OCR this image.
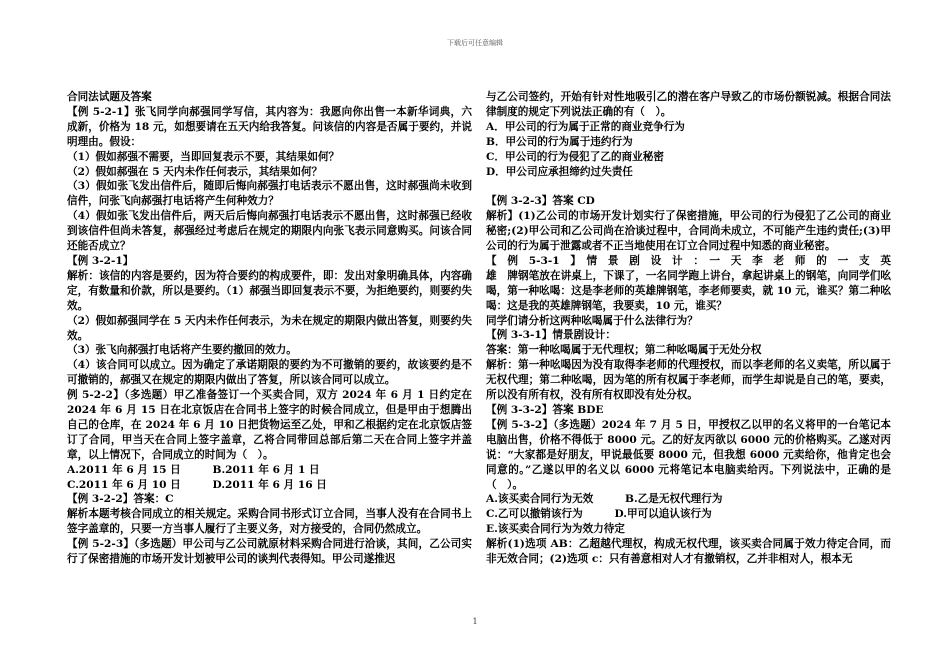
下载后可任意编辑

合同法试题及答案

【例 5-2-1】张飞同学向郝强同学写信，其内容为：我愿向你出售一本新华词典，六成新，价格为 18 元，如想要请在五天内给我答复。问该信的内容是否属于要约，并说明理由。假设：

（1）假如郝强不需要，当即回复表示不要，其结果如何？

（2）假如郝强在 5 天内未作任何表示，其结果如何？

（3）假如张飞发出信件后，随即后悔向郝强打电话表示不愿出售，这时郝强尚未收到信件，问张飞向郝强打电话将产生何种效力？

（4）假如张飞发出信件后，两天后后悔向郝强打电话表示不愿出售，这时郝强已经收到该信件但尚未答复，郝强经过考虑后在规定的期限内向张飞表示同意购买。问该合同还能否成立？

【例 3-2-1】

解析：该信的内容是要约，因为符合要约的构成要件，即：发出对象明确具体，内容确定，有数量和价款，所以是要约。（1）郝强当即回复表示不要，为拒绝要约，则要约失效。

（2）假如郝强同学在 5 天内未作任何表示，为未在规定的期限内做出答复，则要约失效。

（3）张飞向郝强打电话将产生要约撤回的效力。

（4）该合同可以成立。因为确定了承诺期限的要约为不可撤销的要约，故该要约是不可撤销的，郝强又在规定的期限内做出了答复，所以该合同可以成立。

例 5-2-2】（多选题）甲乙准备签订一个买卖合同，双方 2024 年 6 月 1 日约定在 2024 年 6 月 15 日在北京饭店在合同书上签字的时候合同成立，但是甲由于想腾出自己的仓库，在 2024 年 6 月 10 日把货物运至乙处，甲和乙根据约定在北京饭店签订了合同，甲当天在合同上签字盖章，乙将合同带回总部后第二天在合同上签字并盖章，以上情况下，合同成立的时间为（　）。

A.2011 年 6 月 15 日　　　B.2011 年 6 月 1 日

C.2011 年 6 月 10 日　　　D.2011 年 6 月 16 日

【例 3-2-2】答案：C

解析本题考核合同成立的相关规定。采购合同书形式订立合同，当事人没有在合同书上签字盖章的，只要一方当事人履行了主要义务，对方接受的，合同仍然成立。

【例 5-2-3】（多选题）甲公司与乙公司就原材料采购合同进行洽谈，其间，乙公司实行了保密措施的市场开发计划被甲公司的谈判代表得知。甲公司遂推迟

与乙公司签约，开始有针对性地吸引乙的潜在客户导致乙的市场份额锐减。根据合同法律制度的规定下列说法正确的有（　）。

A．甲公司的行为属于正常的商业竞争行为

B．甲公司的行为属于违约行为

C．甲公司的行为侵犯了乙的商业秘密

D．甲公司应承担缔约过失责任

【例 3-2-3】答案 CD

解析】(1)乙公司的市场开发计划实行了保密措施，甲公司的行为侵犯了乙公司的商业秘密;(2)甲公司和乙公司尚在洽谈过程中，合同尚未成立，不可能产生违约责任;(3)甲公司的行为属于泄露或者不正当地使用在订立合同过程中知悉的商业秘密。

【　例　5-3-1　】　情　景　剧　设　计　：　一　天　李　老　师　的　一　支　英　雄　牌钢笔放在讲桌上，下课了，一名同学跑上讲台，拿起讲桌上的钢笔，向同学们吆喝，第一种吆喝：这是李老师的英雄牌钢笔，李老师要卖，就 10 元，谁买？第二种吆喝：这是我的英雄牌钢笔，我要卖，10 元，谁买？

同学们请分析这两种吆喝属于什么法律行为？

【例 3-3-1】情景剧设计：

答案：第一种吆喝属于无代理权；第二种吆喝属于无处分权

解析：第一种吆喝因为没有取得李老师的代理授权，而以李老师的名义卖笔，所以属于无权代理；第二种吆喝，因为笔的所有权属于李老师，而学生却说是自己的笔，要卖，所以没有所有权，没有所有权即没有处分权。

【例 3-3-2】答案 BDE

【例 5-3-2】（多选题）2024 年 7 月 5 日，甲授权乙以甲的名义将甲的一台笔记本电脑出售，价格不得低于 8000 元。乙的好友丙欲以 6000 元的价格购买。乙遂对丙说：“大家都是好朋友，甲说最低要 8000 元，但我想 6000 元卖给你，他肯定也会同意的。”乙遂以甲的名义以 6000 元将笔记本电脑卖给丙。下列说法中，正确的是（　）。

A.该买卖合同行为无效　　　B.乙是无权代理行为

C.乙可以撤销该行为　　　D.甲可以追认该行为

E.该买卖合同行为为效力待定

解析(1)选项 AB：乙超越代理权，构成无权代理，该买卖合同属于效力待定合同，而非无效合同；(2)选项 c：只有善意相对人才有撤销权，乙并非相对人，根本无

1
